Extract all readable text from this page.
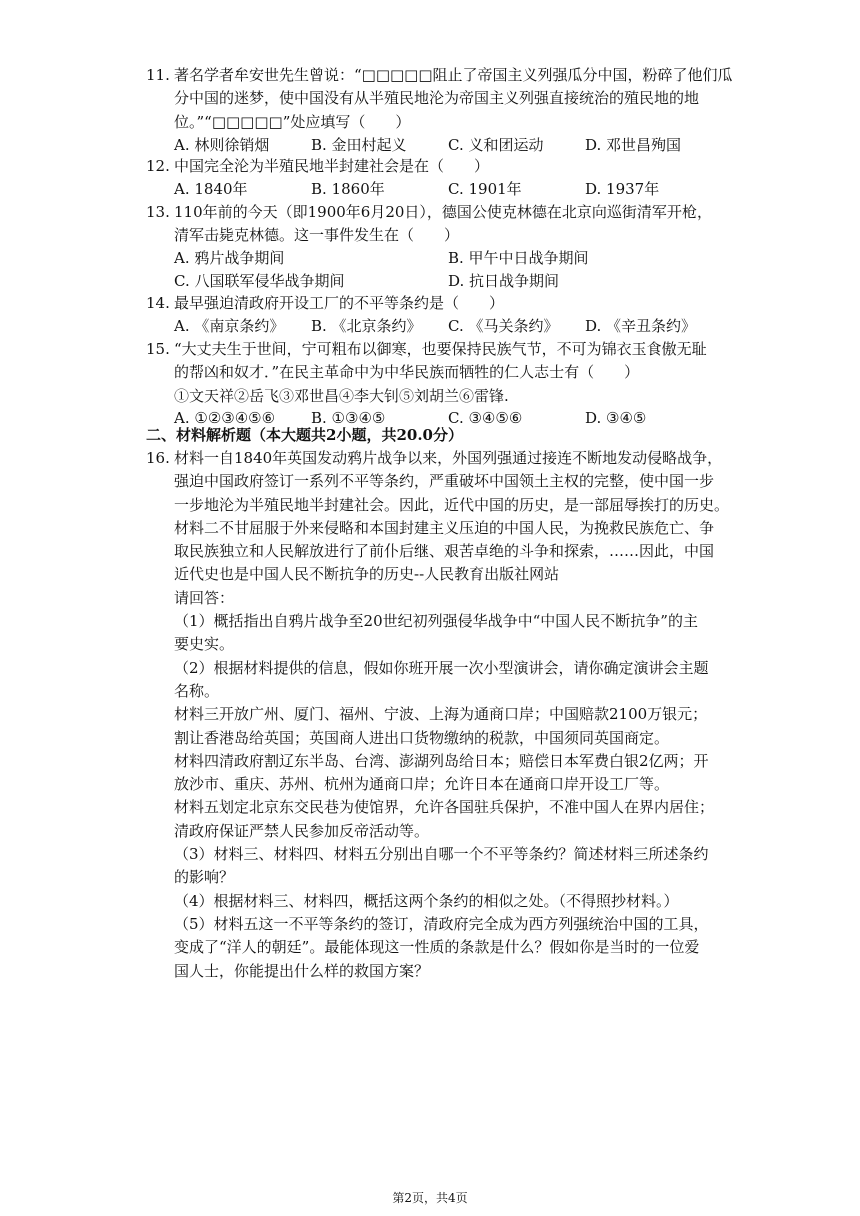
11. 著名学者牟安世先生曾说：“□□□□□阻止了帝国主义列强瓜分中国，粉碎了他们瓜
分中国的迷梦，使中国没有从半殖民地沦为帝国主义列强直接统治的殖民地的地
位。”“□□□□□”处应填写（　　）
A. 林则徐销烟	B. 金田村起义	C. 义和团运动	D. 邓世昌殉国
12. 中国完全沦为半殖民地半封建社会是在（　　）
A. 1840年	B. 1860年	C. 1901年	D. 1937年
13. 110年前的今天（即1900年6月20日），德国公使克林德在北京向巡街清军开枪，
清军击毙克林德。这一事件发生在（　　）
A. 鸦片战争期间	B. 甲午中日战争期间
C. 八国联军侵华战争期间	D. 抗日战争期间
14. 最早强迫清政府开设工厂的不平等条约是（　　）
A. 《南京条约》 B. 《北京条约》 C. 《马关条约》 D. 《辛丑条约》
15. “大丈夫生于世间，宁可粗布以御寒，也要保持民族气节，不可为锦衣玉食傲无耻
的帮凶和奴才．”在民主革命中为中华民族而牺牲的仁人志士有（　　）
①文天祥②岳飞③邓世昌④李大钊⑤刘胡兰⑥雷锋.
A. ①②③④⑤⑥ B. ①③④⑤	C. ③④⑤⑥	D. ③④⑤
二、材料解析题（本大题共2小题，共20.0分）
16. 材料一自1840年英国发动鸦片战争以来，外国列强通过接连不断地发动侵略战争，
强迫中国政府签订一系列不平等条约，严重破坏中国领土主权的完整，使中国一步
一步地沦为半殖民地半封建社会。因此，近代中国的历史，是一部屈辱挨打的历史。
材料二不甘屈服于外来侵略和本国封建主义压迫的中国人民，为挽救民族危亡、争
取民族独立和人民解放进行了前仆后继、艰苦卓绝的斗争和探索，……因此，中国
近代史也是中国人民不断抗争的历史--人民教育出版社网站
请回答：
（1）概括指出自鸦片战争至20世纪初列强侵华战争中“中国人民不断抗争”的主
要史实。
（2）根据材料提供的信息，假如你班开展一次小型演讲会，请你确定演讲会主题
名称。
材料三开放广州、厦门、福州、宁波、上海为通商口岸；中国赔款2100万银元；
割让香港岛给英国；英国商人进出口货物缴纳的税款，中国须同英国商定。
材料四清政府割辽东半岛、台湾、澎湖列岛给日本；赔偿日本军费白银2亿两；开
放沙市、重庆、苏州、杭州为通商口岸；允许日本在通商口岸开设工厂等。
材料五划定北京东交民巷为使馆界，允许各国驻兵保护，不准中国人在界内居住；
清政府保证严禁人民参加反帝活动等。
（3）材料三、材料四、材料五分别出自哪一个不平等条约？简述材料三所述条约
的影响？
（4）根据材料三、材料四，概括这两个条约的相似之处。（不得照抄材料。）
（5）材料五这一不平等条约的签订，清政府完全成为西方列强统治中国的工具，
变成了“洋人的朝廷”。最能体现这一性质的条款是什么？假如你是当时的一位爱
国人士，你能提出什么样的救国方案？
第2页，共4页
